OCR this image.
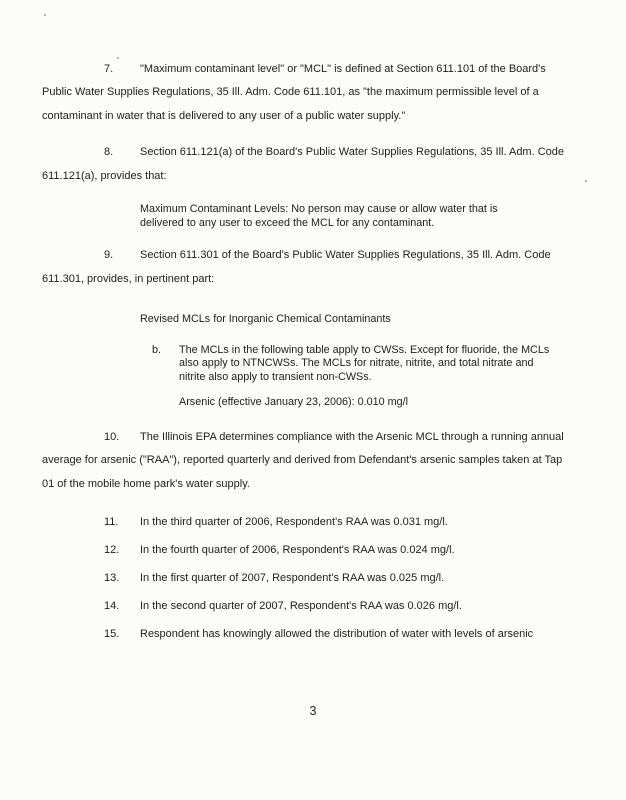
7. "Maximum contaminant level" or "MCL" is defined at Section 611.101 of the Board's Public Water Supplies Regulations, 35 Ill. Adm. Code 611.101, as "the maximum permissible level of a contaminant in water that is delivered to any user of a public water supply."

8. Section 611.121(a) of the Board's Public Water Supplies Regulations, 35 Ill. Adm. Code 611.121(a), provides that:

Maximum Contaminant Levels: No person may cause or allow water that is delivered to any user to exceed the MCL for any contaminant.

9. Section 611.301 of the Board's Public Water Supplies Regulations, 35 Ill. Adm. Code 611.301, provides, in pertinent part:

Revised MCLs for Inorganic Chemical Contaminants
b.	The MCLs in the following table apply to CWSs. Except for fluoride, the MCLs also apply to NTNCWSs. The MCLs for nitrate, nitrite, and total nitrate and nitrite also apply to transient non-CWSs.
Arsenic (effective January 23, 2006): 0.010 mg/l

10. The Illinois EPA determines compliance with the Arsenic MCL through a running annual average for arsenic ("RAA"), reported quarterly and derived from Defendant's arsenic samples taken at Tap 01 of the mobile home park's water supply.

11. In the third quarter of 2006, Respondent's RAA was 0.031 mg/l.

12. In the fourth quarter of 2006, Respondent's RAA was 0.024 mg/l.

13. In the first quarter of 2007, Respondent's RAA was 0.025 mg/l.

14. In the second quarter of 2007, Respondent's RAA was 0.026 mg/l.

15. Respondent has knowingly allowed the distribution of water with levels of arsenic

3
